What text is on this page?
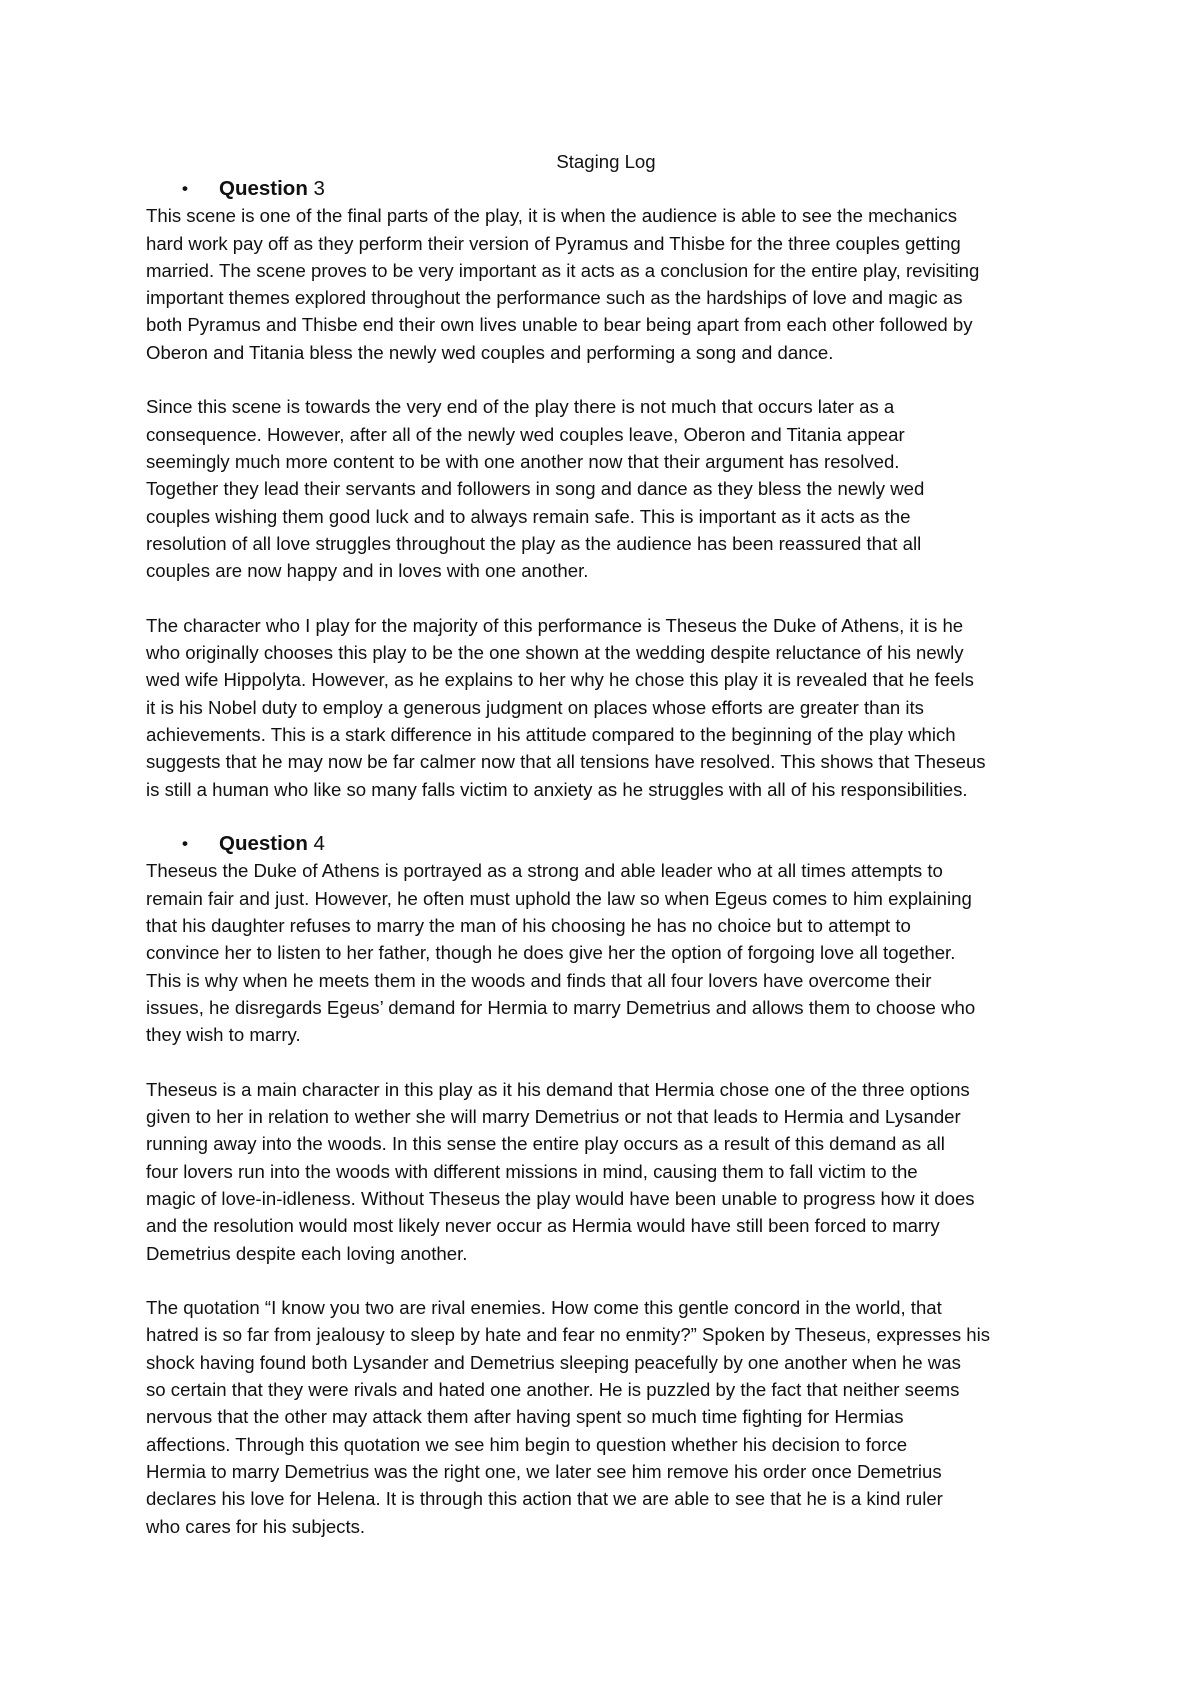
Staging Log

• Question 3

This scene is one of the final parts of the play, it is when the audience is able to see the mechanics
hard work pay off as they perform their version of Pyramus and Thisbe for the three couples getting
married. The scene proves to be very important as it acts as a conclusion for the entire play, revisiting
important themes explored throughout the performance such as the hardships of love and magic as
both Pyramus and Thisbe end their own lives unable to bear being apart from each other followed by
Oberon and Titania bless the newly wed couples and performing a song and dance.

Since this scene is towards the very end of the play there is not much that occurs later as a
consequence. However, after all of the newly wed couples leave, Oberon and Titania appear
seemingly much more content to be with one another now that their argument has resolved.
Together they lead their servants and followers in song and dance as they bless the newly wed
couples wishing them good luck and to always remain safe. This is important as it acts as the
resolution of all love struggles throughout the play as the audience has been reassured that all
couples are now happy and in loves with one another.

The character who I play for the majority of this performance is Theseus the Duke of Athens, it is he
who originally chooses this play to be the one shown at the wedding despite reluctance of his newly
wed wife Hippolyta. However, as he explains to her why he chose this play it is revealed that he feels
it is his Nobel duty to employ a generous judgment on places whose efforts are greater than its
achievements. This is a stark difference in his attitude compared to the beginning of the play which
suggests that he may now be far calmer now that all tensions have resolved. This shows that Theseus
is still a human who like so many falls victim to anxiety as he struggles with all of his responsibilities.

• Question 4

Theseus the Duke of Athens is portrayed as a strong and able leader who at all times attempts to
remain fair and just. However, he often must uphold the law so when Egeus comes to him explaining
that his daughter refuses to marry the man of his choosing he has no choice but to attempt to
convince her to listen to her father, though he does give her the option of forgoing love all together.
This is why when he meets them in the woods and finds that all four lovers have overcome their
issues, he disregards Egeus’ demand for Hermia to marry Demetrius and allows them to choose who
they wish to marry.

Theseus is a main character in this play as it his demand that Hermia chose one of the three options
given to her in relation to wether she will marry Demetrius or not that leads to Hermia and Lysander
running away into the woods. In this sense the entire play occurs as a result of this demand as all
four lovers run into the woods with different missions in mind, causing them to fall victim to the
magic of love-in-idleness. Without Theseus the play would have been unable to progress how it does
and the resolution would most likely never occur as Hermia would have still been forced to marry
Demetrius despite each loving another.

The quotation “I know you two are rival enemies. How come this gentle concord in the world, that
hatred is so far from jealousy to sleep by hate and fear no enmity?” Spoken by Theseus, expresses his
shock having found both Lysander and Demetrius sleeping peacefully by one another when he was
so certain that they were rivals and hated one another. He is puzzled by the fact that neither seems
nervous that the other may attack them after having spent so much time fighting for Hermias
affections. Through this quotation we see him begin to question whether his decision to force
Hermia to marry Demetrius was the right one, we later see him remove his order once Demetrius
declares his love for Helena. It is through this action that we are able to see that he is a kind ruler
who cares for his subjects.
